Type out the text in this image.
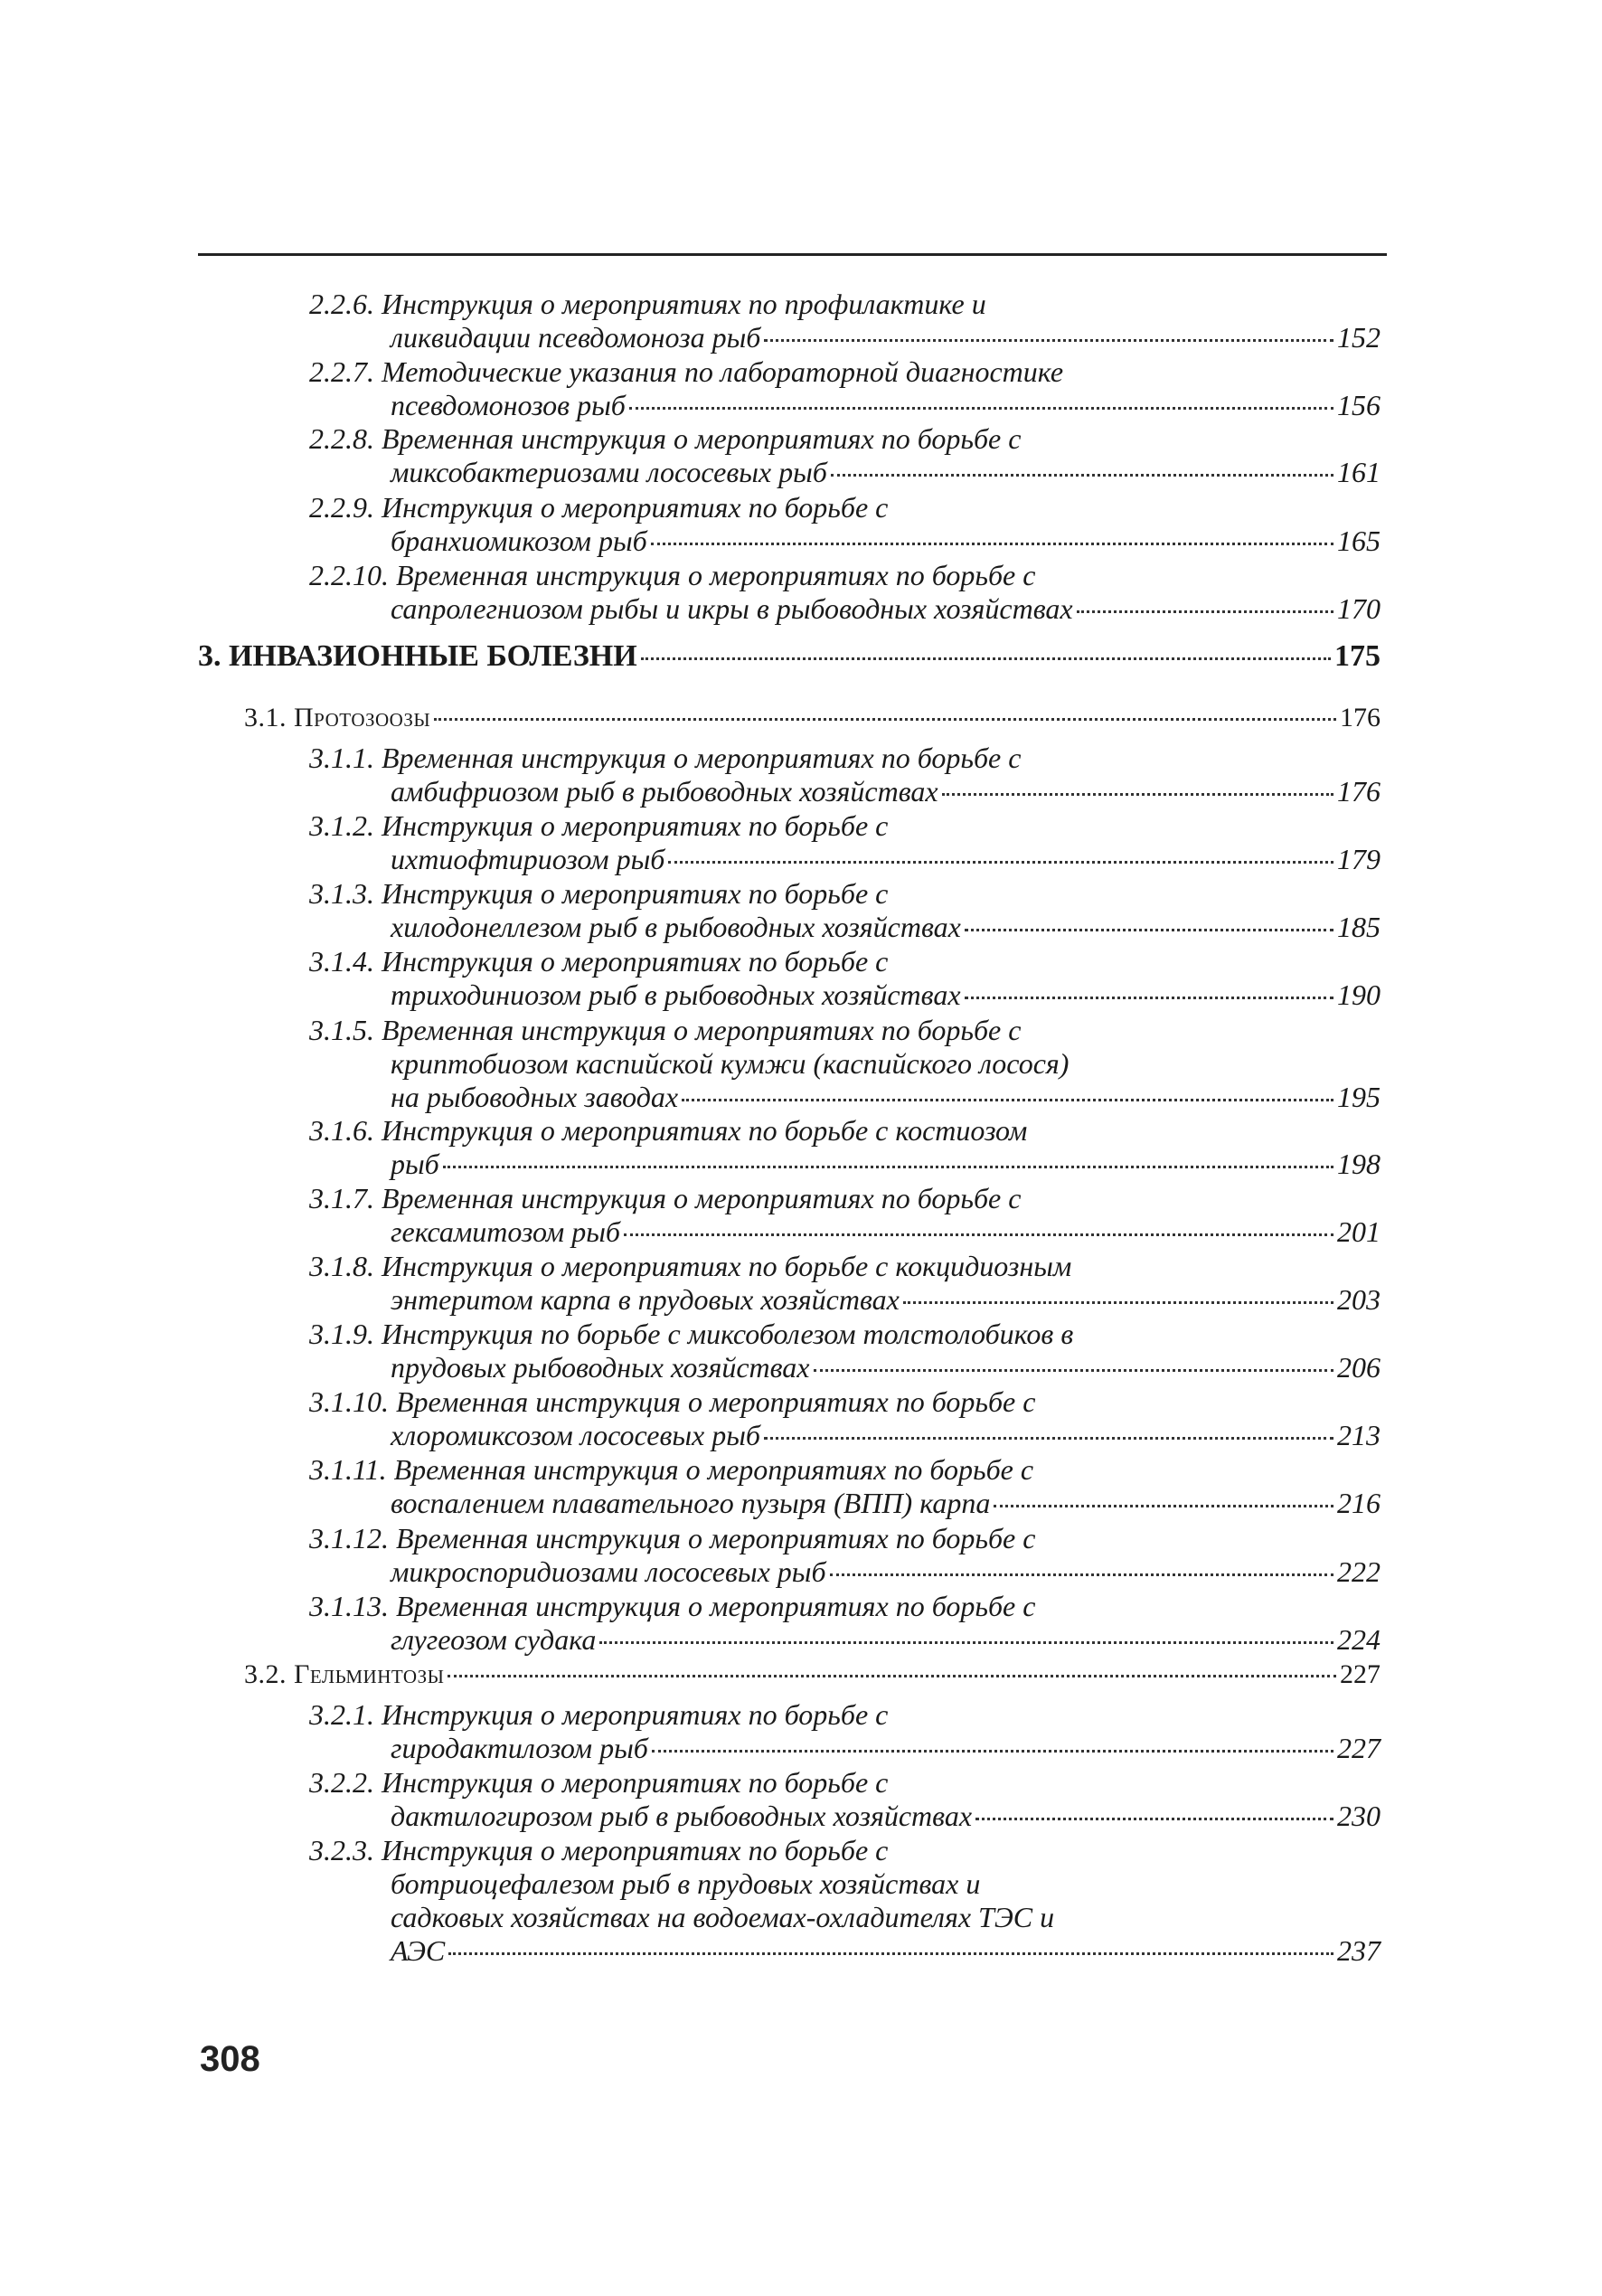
2.2.6. Инструкция о мероприятиях по профилактике и
ликвидации псевдомоноза рыб	152
2.2.7. Методические указания по лабораторной диагностике
псевдомонозов рыб	156
2.2.8. Временная инструкция о мероприятиях по борьбе с
миксобактериозами лососевых рыб	161
2.2.9. Инструкция о мероприятиях по борьбе с
бранхиомикозом рыб	165
2.2.10. Временная инструкция о мероприятиях по борьбе с
сапролегниозом рыбы и икры в рыбоводных хозяйствах	170
3. ИНВАЗИОННЫЕ БОЛЕЗНИ	175
3.1. Протозоозы	176
3.1.1. Временная инструкция о мероприятиях по борьбе с
амбифриозом рыб в рыбоводных хозяйствах	176
3.1.2. Инструкция о мероприятиях по борьбе с
ихтиофтириозом рыб	179
3.1.3. Инструкция о мероприятиях по борьбе с
хилодонеллезом рыб в рыбоводных хозяйствах	185
3.1.4. Инструкция о мероприятиях по борьбе с
триходиниозом рыб в рыбоводных хозяйствах	190
3.1.5. Временная инструкция о мероприятиях по борьбе с
криптобиозом каспийской кумжи (каспийского лосося)
на рыбоводных заводах	195
3.1.6. Инструкция о мероприятиях по борьбе с костиозом
рыб	198
3.1.7. Временная инструкция о мероприятиях по борьбе с
гексамитозом рыб	201
3.1.8. Инструкция о мероприятиях по борьбе с кокцидиозным
энтеритом карпа в прудовых хозяйствах	203
3.1.9. Инструкция по борьбе с миксоболезом толстолобиков в
прудовых рыбоводных хозяйствах	206
3.1.10. Временная инструкция о мероприятиях по борьбе с
хлоромиксозом лососевых рыб	213
3.1.11. Временная инструкция о мероприятиях по борьбе с
воспалением плавательного пузыря (ВПП) карпа	216
3.1.12. Временная инструкция о мероприятиях по борьбе с
микроспоридиозами лососевых рыб	222
3.1.13. Временная инструкция о мероприятиях по борьбе с
глугеозом судака	224
3.2. Гельминтозы	227
3.2.1. Инструкция о мероприятиях по борьбе с
гиродактилозом рыб	227
3.2.2. Инструкция о мероприятиях по борьбе с
дактилогирозом рыб в рыбоводных хозяйствах	230
3.2.3. Инструкция о мероприятиях по борьбе с
ботриоцефалезом рыб в прудовых хозяйствах и
садковых хозяйствах на водоемах-охладителях ТЭС и
АЭС	237
308
